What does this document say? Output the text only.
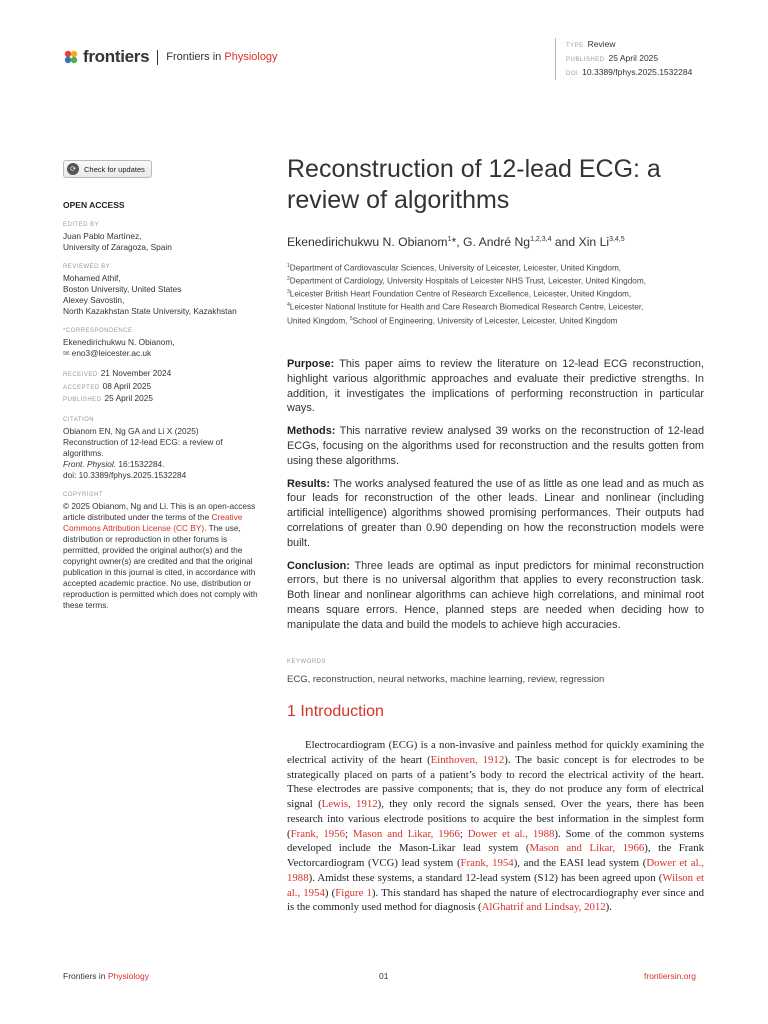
frontiers Frontiers in Physiology
TYPE Review
PUBLISHED 25 April 2025
DOI 10.3389/fphys.2025.1532284
⟳	Check for updates
OPEN ACCESS
EDITED BY
Juan Pablo Martínez,
University of Zaragoza, Spain
REVIEWED BY
Mohamed Athif,
Boston University, United States
Alexey Savostin,
North Kazakhstan State University, Kazakhstan
*CORRESPONDENCE
Ekenedirichukwu N. Obianom,
✉ eno3@leicester.ac.uk
RECEIVED 21 November 2024
ACCEPTED 08 April 2025
PUBLISHED 25 April 2025
CITATION
Obianom EN, Ng GA and Li X (2025)
Reconstruction of 12-lead ECG: a review of
algorithms.
Front. Physiol. 16:1532284.
doi: 10.3389/fphys.2025.1532284
COPYRIGHT
© 2025 Obianom, Ng and Li. This is an open-access article distributed under the terms of the Creative Commons Attribution License (CC BY). The use, distribution or reproduction in other forums is permitted, provided the original author(s) and the copyright owner(s) are credited and that the original publication in this journal is cited, in accordance with accepted academic practice. No use, distribution or reproduction is permitted which does not comply with these terms.
Reconstruction of 12-lead ECG: a review of algorithms
Ekenedirichukwu N. Obianom$^1$*, G. André Ng$^{1,2,3,4}$ and Xin Li$^{3,4,5}$
$^1$Department of Cardiovascular Sciences, University of Leicester, Leicester, United Kingdom,
$^2$Department of Cardiology, University Hospitals of Leicester NHS Trust, Leicester, United Kingdom,
$^3$Leicester British Heart Foundation Centre of Research Excellence, Leicester, United Kingdom,
$^4$Leicester National Institute for Health and Care Research Biomedical Research Centre, Leicester,
United Kingdom, $^5$School of Engineering, University of Leicester, Leicester, United Kingdom

Purpose: This paper aims to review the literature on 12-lead ECG reconstruction, highlight various algorithmic approaches and evaluate their predictive strengths. In addition, it investigates the implications of performing reconstruction in particular ways.

Methods: This narrative review analysed 39 works on the reconstruction of 12-lead ECGs, focusing on the algorithms used for reconstruction and the results gotten from using these algorithms.

Results: The works analysed featured the use of as little as one lead and as much as four leads for reconstruction of the other leads. Linear and nonlinear (including artificial intelligence) algorithms showed promising performances. Their outputs had correlations of greater than 0.90 depending on how the reconstruction models were built.

Conclusion: Three leads are optimal as input predictors for minimal reconstruction errors, but there is no universal algorithm that applies to every reconstruction task. Both linear and nonlinear algorithms can achieve high correlations, and minimal root means square errors. Hence, planned steps are needed when deciding how to manipulate the data and build the models to achieve high accuracies.

KEYWORDS
ECG, reconstruction, neural networks, machine learning, review, regression
1 Introduction

Electrocardiogram (ECG) is a non-invasive and painless method for quickly examining the electrical activity of the heart (Einthoven, 1912). The basic concept is for electrodes to be strategically placed on parts of a patient’s body to record the electrical activity of the heart. These electrodes are passive components; that is, they do not produce any form of electrical signal (Lewis, 1912), they only record the signals sensed. Over the years, there has been research into various electrode positions to acquire the best information in the simplest form (Frank, 1956; Mason and Likar, 1966; Dower et al., 1988). Some of the common systems developed include the Mason-Likar lead system (Mason and Likar, 1966), the Frank Vectorcardiogram (VCG) lead system (Frank, 1954), and the EASI lead system (Dower et al., 1988). Amidst these systems, a standard 12-lead system (S12) has been agreed upon (Wilson et al., 1954) (Figure 1). This standard has shaped the nature of electrocardiography ever since and is the commonly used method for diagnosis (AlGhatrif and Lindsay, 2012).

Frontiers in Physiology	01	frontiersin.org
